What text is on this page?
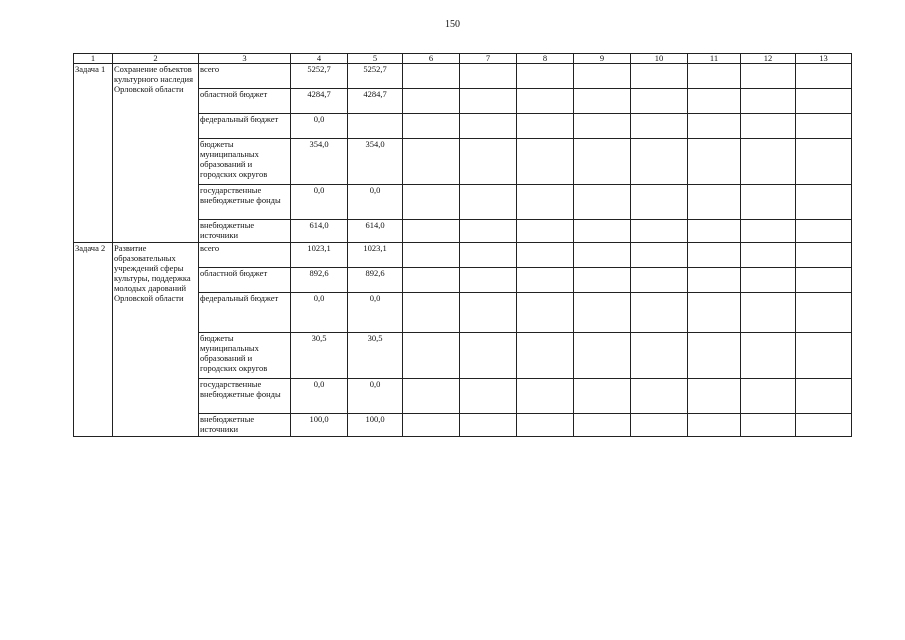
150
1	2	3	4	5	6	7	8	9	10	11	12	13
Задача 1	Сохранение объектов культурного наследия Орловской области	всего	5252,7	5252,7								
		областной бюджет	4284,7	4284,7								
		федеральный бюджет	0,0									
		бюджеты муниципальных образований и городских округов	354,0	354,0								
		государственные внебюджетные фонды	0,0	0,0								
		внебюджетные источники	614,0	614,0								
Задача 2	Развитие образовательных учреждений сферы культуры, поддержка молодых дарований Орловской области	всего	1023,1	1023,1								
		областной бюджет	892,6	892,6								
		федеральный бюджет	0,0	0,0								
		бюджеты муниципальных образований и городских округов	30,5	30,5								
		государственные внебюджетные фонды	0,0	0,0								
		внебюджетные источники	100,0	100,0								
